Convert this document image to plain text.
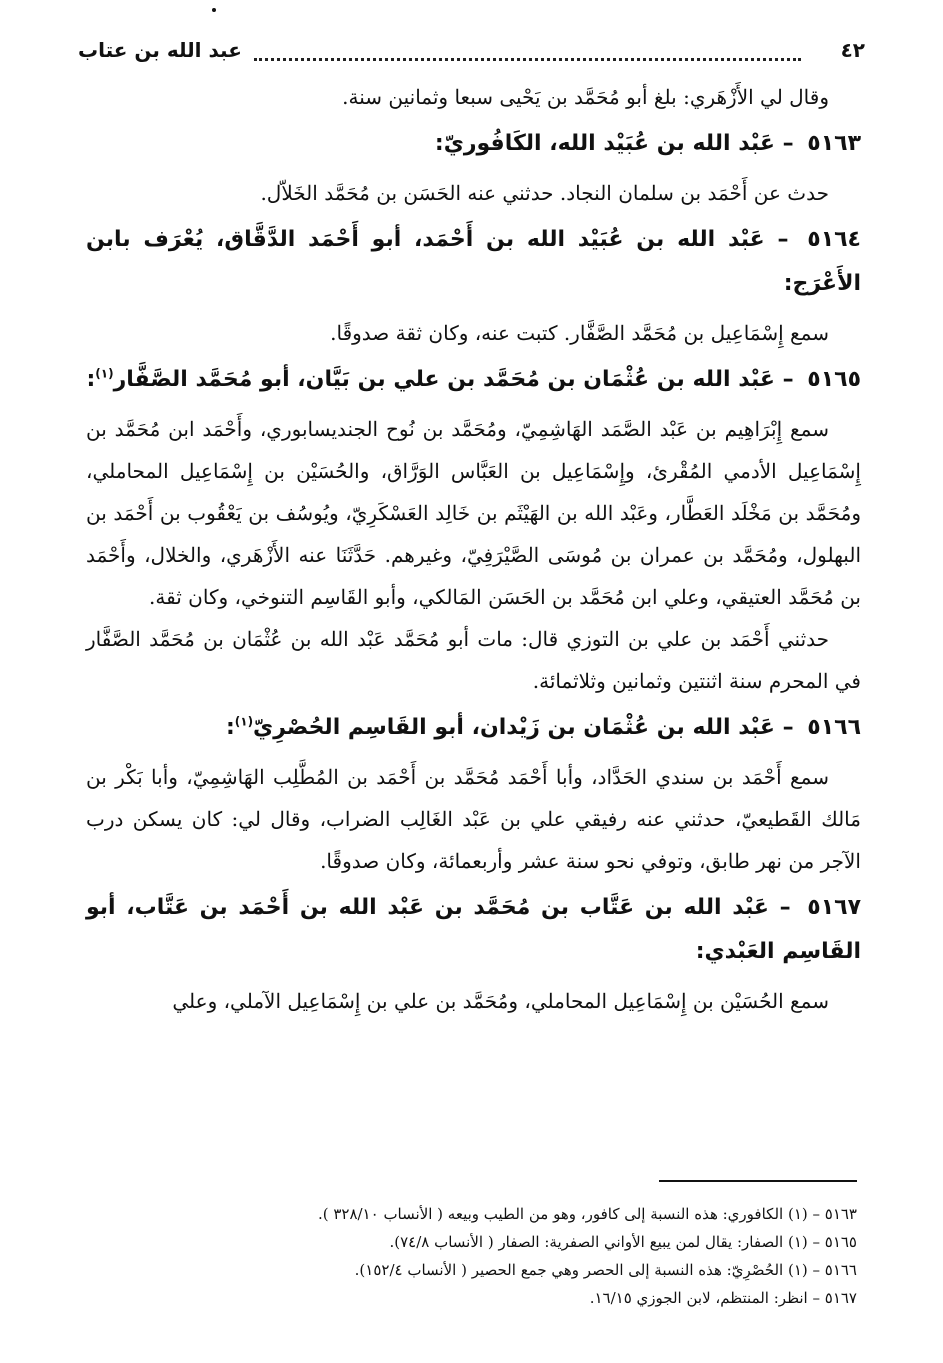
٤٢
عبد الله بن عتاب

وقال لي الأَزْهَري: بلغ أبو مُحَمَّد بن يَحْيى سبعا وثمانين سنة.

٥١٦٣ – عَبْد الله بن عُبَيْد الله، الكَافُوريّ:

حدث عن أَحْمَد بن سلمان النجاد. حدثني عنه الحَسَن بن مُحَمَّد الخَلاّل.

٥١٦٤ – عَبْد الله بن عُبَيْد الله بن أَحْمَد، أبو أَحْمَد الدَّقَّاق، يُعْرَف بابن الأَعْرَج:

سمع إِسْمَاعِيل بن مُحَمَّد الصَّفَّار. كتبت عنه، وكان ثقة صدوقًا.

٥١٦٥ – عَبْد الله بن عُثْمَان بن مُحَمَّد بن علي بن بَيَّان، أبو مُحَمَّد الصَّفَّار$^{(١)}$:

سمع إِبْرَاهِيم بن عَبْد الصَّمَد الهَاشِمِيّ، ومُحَمَّد بن نُوح الجنديسابوري، وأَحْمَد ابن مُحَمَّد بن إِسْمَاعِيل الأدمي المُقْرئ، وإِسْمَاعِيل بن العَبَّاس الوَرَّاق، والحُسَيْن بن إِسْمَاعِيل المحاملي، ومُحَمَّد بن مَخْلَد العَطَّار، وعَبْد الله بن الهَيْثَم بن خَالِد العَسْكَرِيّ، ويُوسُف بن يَعْقُوب بن أَحْمَد بن البهلول، ومُحَمَّد بن عمران بن مُوسَى الصَّيْرَفِيّ، وغيرهم. حَدَّثَنَا عنه الأَزْهَري، والخلال، وأَحْمَد بن مُحَمَّد العتيقي، وعلي ابن مُحَمَّد بن الحَسَن المَالكي، وأبو القَاسِم التنوخي، وكان ثقة.

حدثني أَحْمَد بن علي بن التوزي قال: مات أبو مُحَمَّد عَبْد الله بن عُثْمَان بن مُحَمَّد الصَّفَّار في المحرم سنة اثنتين وثمانين وثلاثمائة.

٥١٦٦ – عَبْد الله بن عُثْمَان بن زَيْدان، أبو القَاسِم الحُصْرِيّ$^{(١)}$:

سمع أَحْمَد بن سندي الحَدَّاد، وأبا أَحْمَد مُحَمَّد بن أَحْمَد بن المُطَّلِب الهَاشِمِيّ، وأبا بَكْر بن مَالك القَطيعيّ، حدثني عنه رفيقي علي بن عَبْد الغَالِب الضراب، وقال لي: كان يسكن درب الآجر من نهر طابق، وتوفي نحو سنة عشر وأربعمائة، وكان صدوقًا.

٥١٦٧ – عَبْد الله بن عَتَّاب بن مُحَمَّد بن عَبْد الله بن أَحْمَد بن عَتَّاب، أبو القَاسِم العَبْدي:

سمع الحُسَيْن بن إِسْمَاعِيل المحاملي، ومُحَمَّد بن علي بن إِسْمَاعِيل الآملي، وعلي

٥١٦٣ – (١) الكافوري: هذه النسبة إلى كافور، وهو من الطيب وبيعه ( الأنساب ٣٢٨/١٠ ).

٥١٦٥ – (١) الصفار: يقال لمن يبيع الأواني الصفرية: الصفار ( الأنساب ٧٤/٨).

٥١٦٦ – (١) الحُصْرِيّ: هذه النسبة إلى الحصر وهي جمع الحصير ( الأنساب ١٥٢/٤).

٥١٦٧ – انظر: المنتظم، لابن الجوزي ١٦/١٥.
